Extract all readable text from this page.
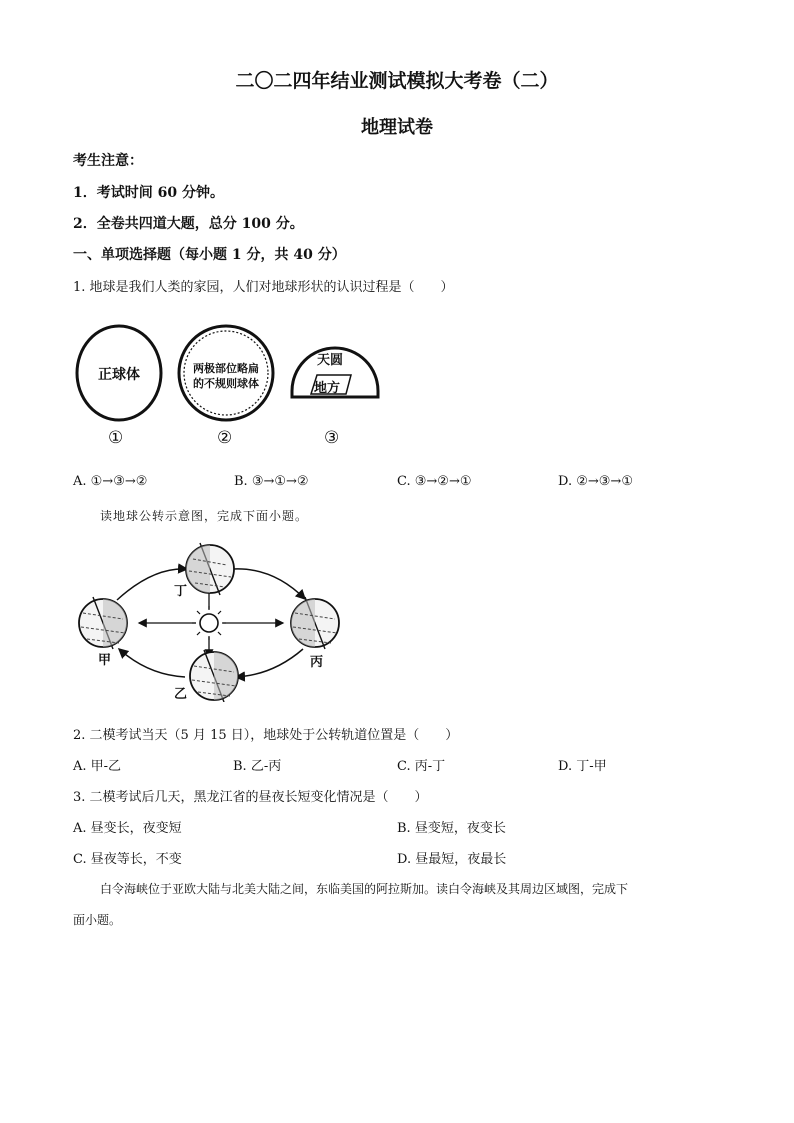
二〇二四年结业测试模拟大考卷（二）
地理试卷
考生注意：
1．考试时间 60 分钟。
2．全卷共四道大题，总分 100 分。
一、单项选择题（每小题 1 分，共 40 分）
1. 地球是我们人类的家园，人们对地球形状的认识过程是（　　）
正球体	两极部位略扁
的不规则球体
天圆
地方
①	②	③
A. ①→③→②	B. ③→①→②	C. ③→②→①	D. ②→③→①
读地球公转示意图，完成下面小题。
丁
甲	丙
乙
2. 二模考试当天（5 月 15 日），地球处于公转轨道位置是（　　）
A. 甲-乙	B. 乙-丙	C. 丙-丁	D. 丁-甲
3. 二模考试后几天，黑龙江省的昼夜长短变化情况是（　　）
A. 昼变长，夜变短	B. 昼变短，夜变长
C. 昼夜等长，不变	D. 昼最短，夜最长
白令海峡位于亚欧大陆与北美大陆之间，东临美国的阿拉斯加。读白令海峡及其周边区域图，完成下
面小题。
